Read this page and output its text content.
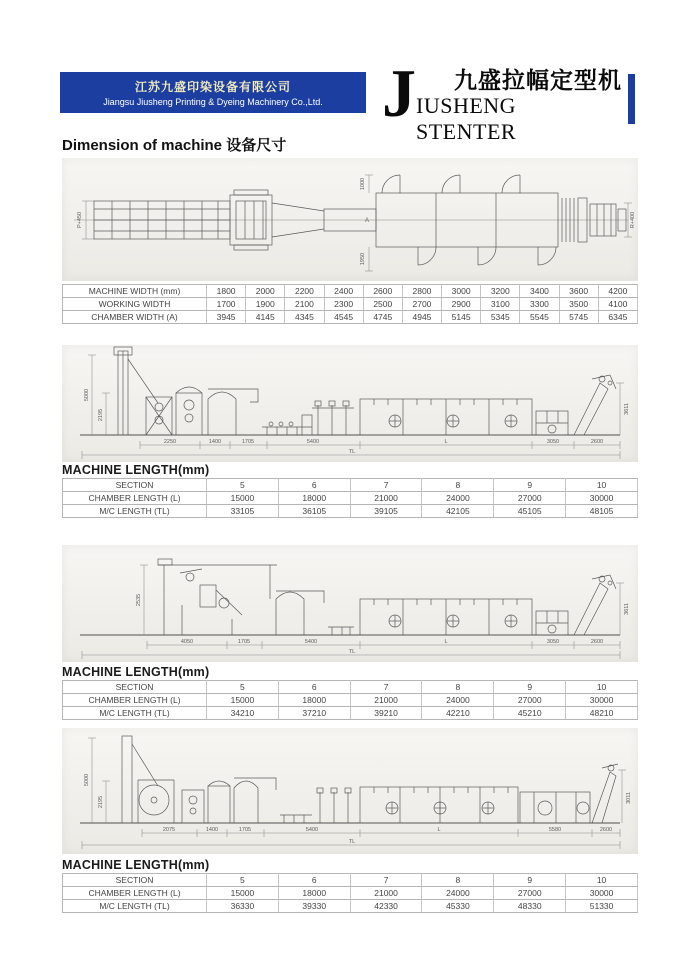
江苏九盛印染设备有限公司
Jiangsu Jiusheng Printing & Dyeing Machinery Co.,Ltd. J 九盛拉幅定型机
IUSHENG STENTER
Dimension of machine 设备尺寸
P+450	A
1000
1950
R+400
MACHINE WIDTH (mm)	1800	2000	2200	2400	2600	2800	3000	3200	3400	3600	4200
WORKING WIDTH	1700	1900	2100	2300	2500	2700	2900	3100	3300	3500	4100
CHAMBER WIDTH (A)	3945	4145	4345	4545	4745	4945	5145	5345	5545	5745	6345
5000
2195	3611
2250	1400	1705	5400	L	3050	2600
TL
MACHINE LENGTH(mm)
SECTION	5	6	7	8	9	10
CHAMBER LENGTH (L)	15000	18000	21000	24000	27000	30000
M/C LENGTH (TL)	33105	36105	39105	42105	45105	48105
2535
3611
4050	1705	5400	L	3050	2600
TL
MACHINE LENGTH(mm)
SECTION	5	6	7	8	9	10
CHAMBER LENGTH (L)	15000	18000	21000	24000	27000	30000
M/C LENGTH (TL)	34210	37210	39210	42210	45210	48210
5000
2195	3011
2075	1400	1705	5400	L	5580	2600
TL
MACHINE LENGTH(mm)
SECTION	5	6	7	8	9	10
CHAMBER LENGTH (L)	15000	18000	21000	24000	27000	30000
M/C LENGTH (TL)	36330	39330	42330	45330	48330	51330
